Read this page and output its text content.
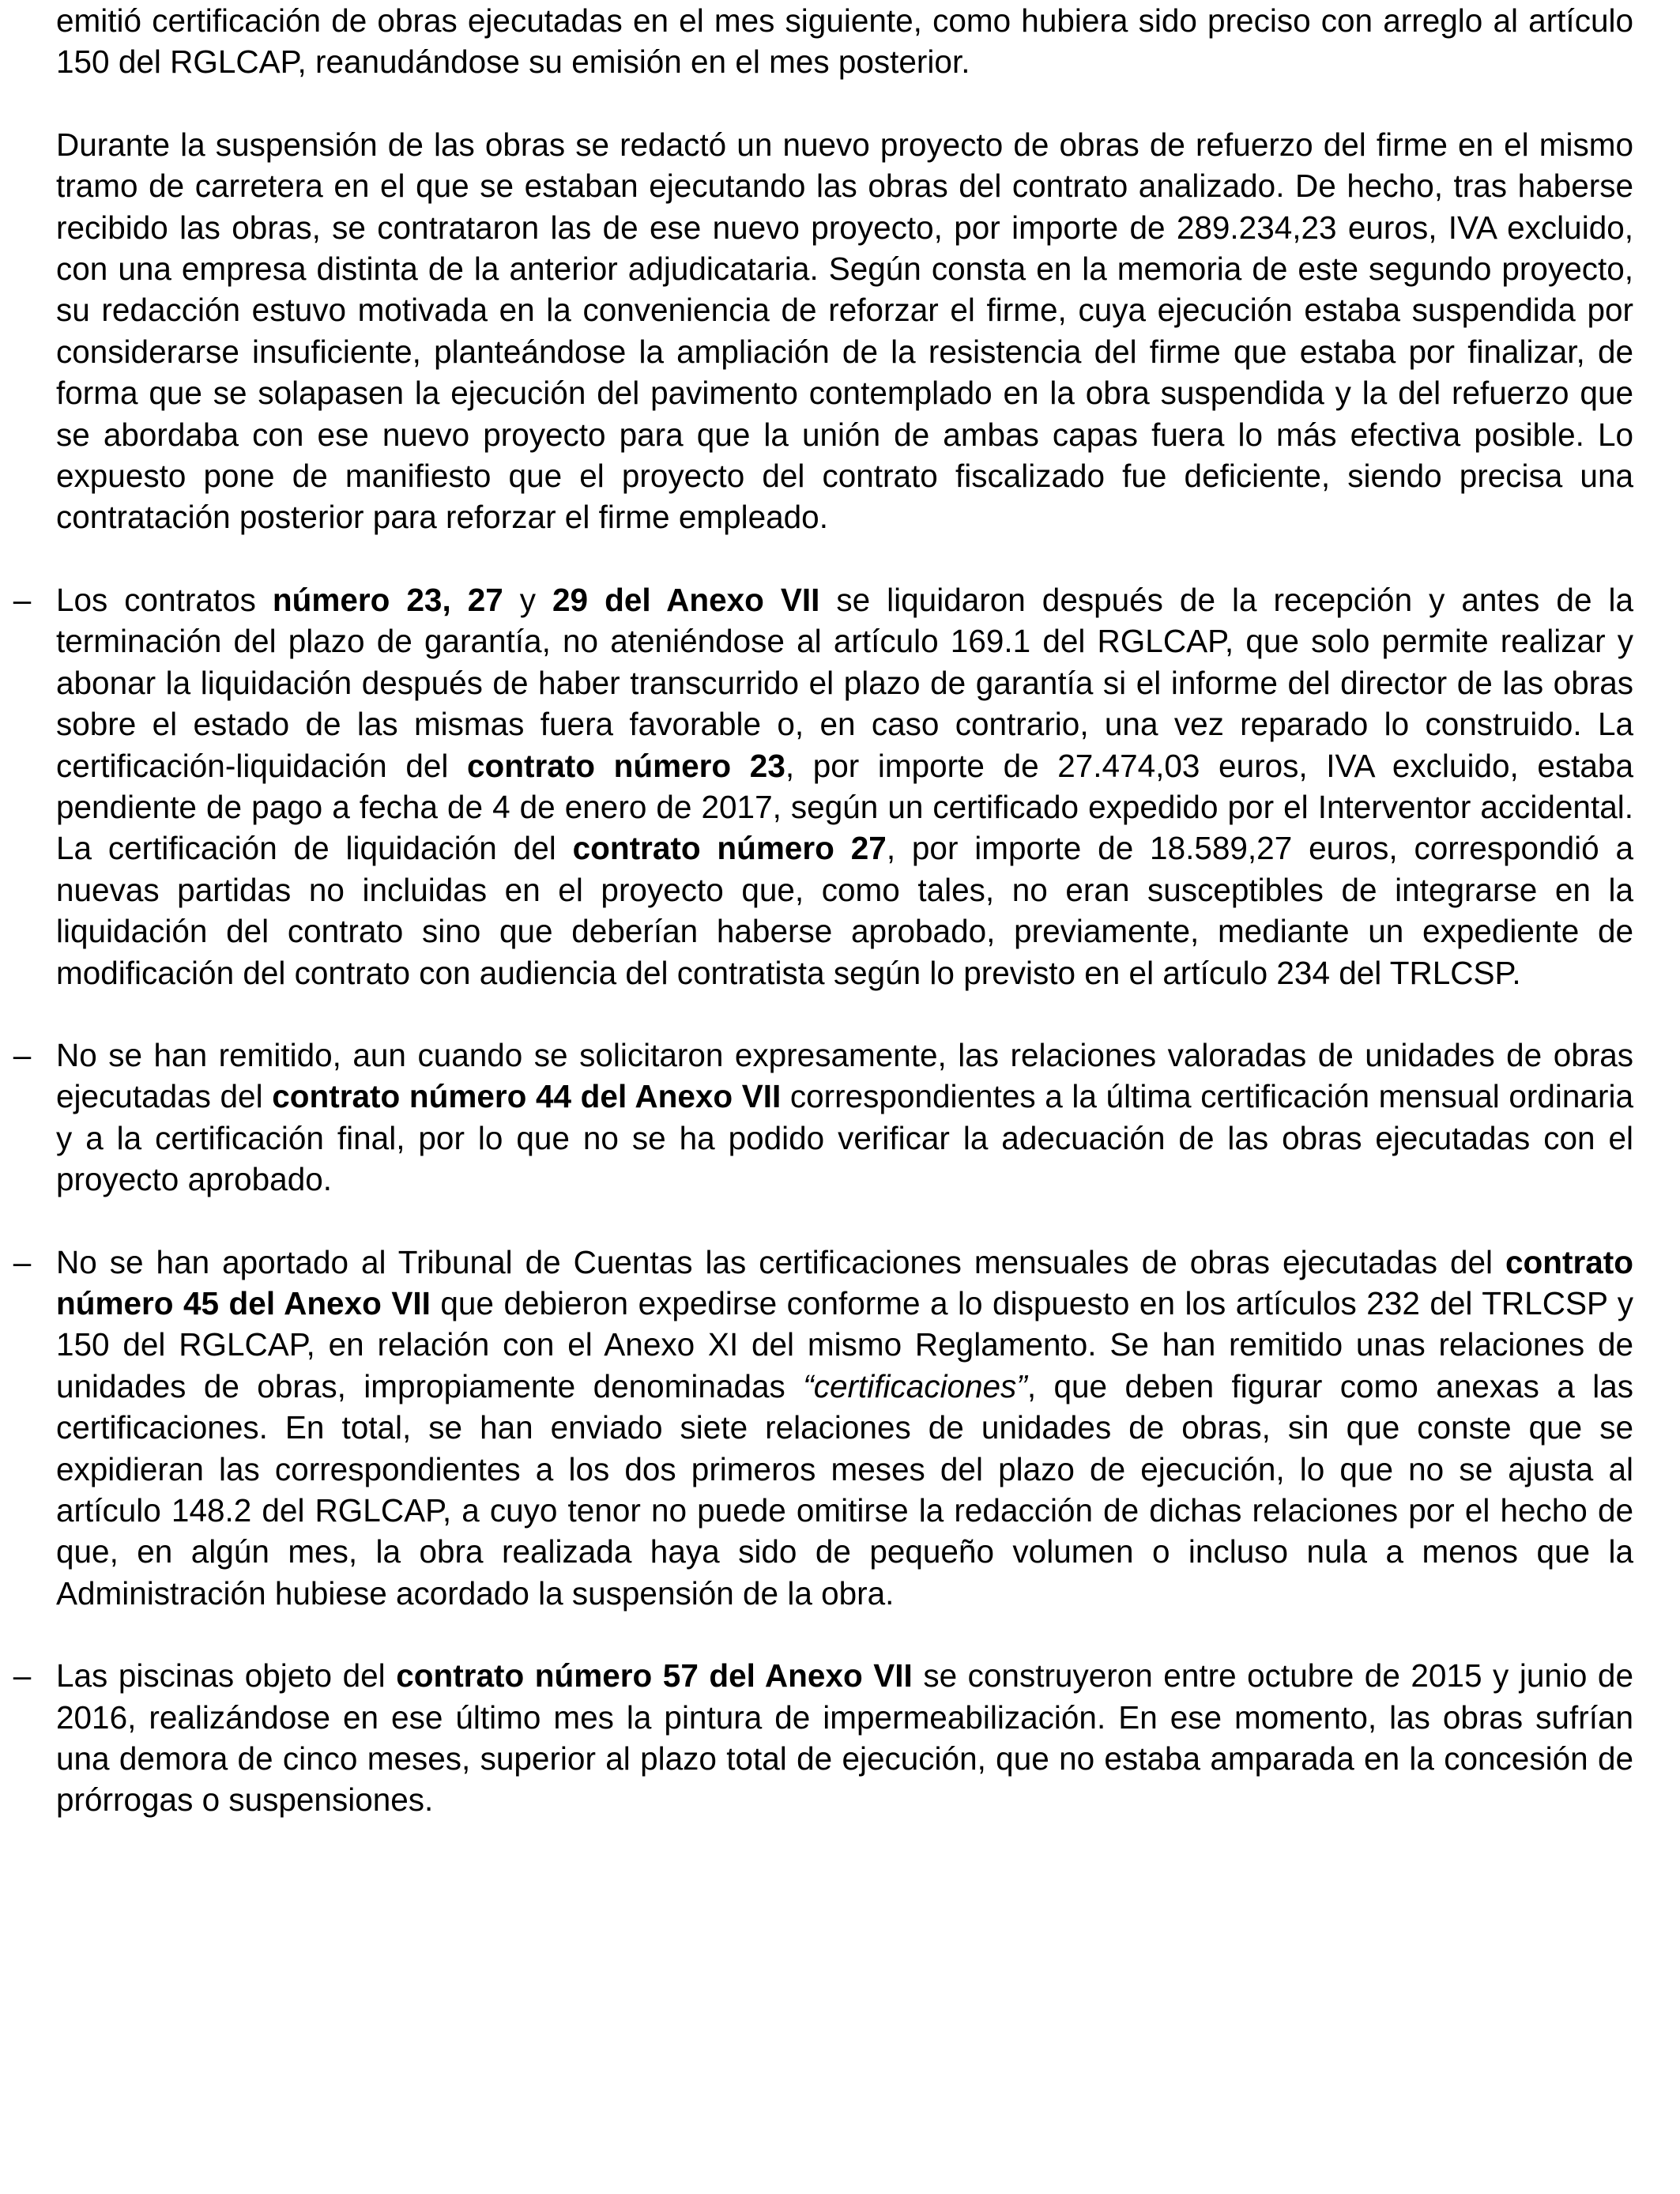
emitió certificación de obras ejecutadas en el mes siguiente, como hubiera sido preciso con arreglo al artículo 150 del RGLCAP, reanudándose su emisión en el mes posterior.

Durante la suspensión de las obras se redactó un nuevo proyecto de obras de refuerzo del firme en el mismo tramo de carretera en el que se estaban ejecutando las obras del contrato analizado. De hecho, tras haberse recibido las obras, se contrataron las de ese nuevo proyecto, por importe de 289.234,23 euros, IVA excluido, con una empresa distinta de la anterior adjudicataria. Según consta en la memoria de este segundo proyecto, su redacción estuvo motivada en la conveniencia de reforzar el firme, cuya ejecución estaba suspendida por considerarse insuficiente, planteándose la ampliación de la resistencia del firme que estaba por finalizar, de forma que se solapasen la ejecución del pavimento contemplado en la obra suspendida y la del refuerzo que se abordaba con ese nuevo proyecto para que la unión de ambas capas fuera lo más efectiva posible. Lo expuesto pone de manifiesto que el proyecto del contrato fiscalizado fue deficiente, siendo precisa una contratación posterior para reforzar el firme empleado.

– Los contratos número 23, 27 y 29 del Anexo VII se liquidaron después de la recepción y antes de la terminación del plazo de garantía, no ateniéndose al artículo 169.1 del RGLCAP, que solo permite realizar y abonar la liquidación después de haber transcurrido el plazo de garantía si el informe del director de las obras sobre el estado de las mismas fuera favorable o, en caso contrario, una vez reparado lo construido. La certificación-liquidación del contrato número 23, por importe de 27.474,03 euros, IVA excluido, estaba pendiente de pago a fecha de 4 de enero de 2017, según un certificado expedido por el Interventor accidental. La certificación de liquidación del contrato número 27, por importe de 18.589,27 euros, correspondió a nuevas partidas no incluidas en el proyecto que, como tales, no eran susceptibles de integrarse en la liquidación del contrato sino que deberían haberse aprobado, previamente, mediante un expediente de modificación del contrato con audiencia del contratista según lo previsto en el artículo 234 del TRLCSP.

– No se han remitido, aun cuando se solicitaron expresamente, las relaciones valoradas de unidades de obras ejecutadas del contrato número 44 del Anexo VII correspondientes a la última certificación mensual ordinaria y a la certificación final, por lo que no se ha podido verificar la adecuación de las obras ejecutadas con el proyecto aprobado.

– No se han aportado al Tribunal de Cuentas las certificaciones mensuales de obras ejecutadas del contrato número 45 del Anexo VII que debieron expedirse conforme a lo dispuesto en los artículos 232 del TRLCSP y 150 del RGLCAP, en relación con el Anexo XI del mismo Reglamento. Se han remitido unas relaciones de unidades de obras, impropiamente denominadas “certificaciones”, que deben figurar como anexas a las certificaciones. En total, se han enviado siete relaciones de unidades de obras, sin que conste que se expidieran las correspondientes a los dos primeros meses del plazo de ejecución, lo que no se ajusta al artículo 148.2 del RGLCAP, a cuyo tenor no puede omitirse la redacción de dichas relaciones por el hecho de que, en algún mes, la obra realizada haya sido de pequeño volumen o incluso nula a menos que la Administración hubiese acordado la suspensión de la obra.

– Las piscinas objeto del contrato número 57 del Anexo VII se construyeron entre octubre de 2015 y junio de 2016, realizándose en ese último mes la pintura de impermeabilización. En ese momento, las obras sufrían una demora de cinco meses, superior al plazo total de ejecución, que no estaba amparada en la concesión de prórrogas o suspensiones.
